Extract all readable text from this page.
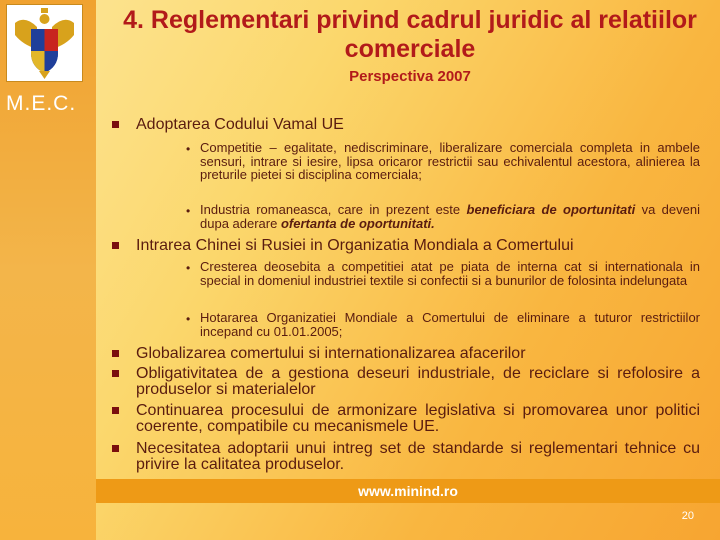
M.E.C.
4. Reglementari privind cadrul juridic al relatiilor comerciale
Perspectiva 2007
Adoptarea Codului Vamal UE
• Competitie – egalitate, nediscriminare, liberalizare comerciala completa in ambele sensuri, intrare si iesire, lipsa oricaror restrictii sau echivalentul acestora, alinierea la preturile pietei si disciplina comerciala;
• Industria romaneasca, care in prezent este beneficiara de oportunitati va deveni dupa aderare ofertanta de oportunitati.
Intrarea Chinei si Rusiei in Organizatia Mondiala a Comertului
• Cresterea deosebita a competitiei atat pe piata de interna cat si internationala in special in domeniul industriei textile si confectii si a bunurilor de folosinta indelungata
• Hotararea Organizatiei Mondiale a Comertului de eliminare a tuturor restrictiilor incepand cu 01.01.2005;
Globalizarea comertului si internationalizarea afacerilor
Obligativitatea de a gestiona deseuri industriale, de reciclare si refolosire a produselor si materialelor
Continuarea procesului de armonizare legislativa si promovarea unor politici coerente, compatibile cu mecanismele UE.
Necesitatea adoptarii unui intreg set de standarde si reglementari tehnice cu privire la calitatea produselor.
www.minind.ro
20
